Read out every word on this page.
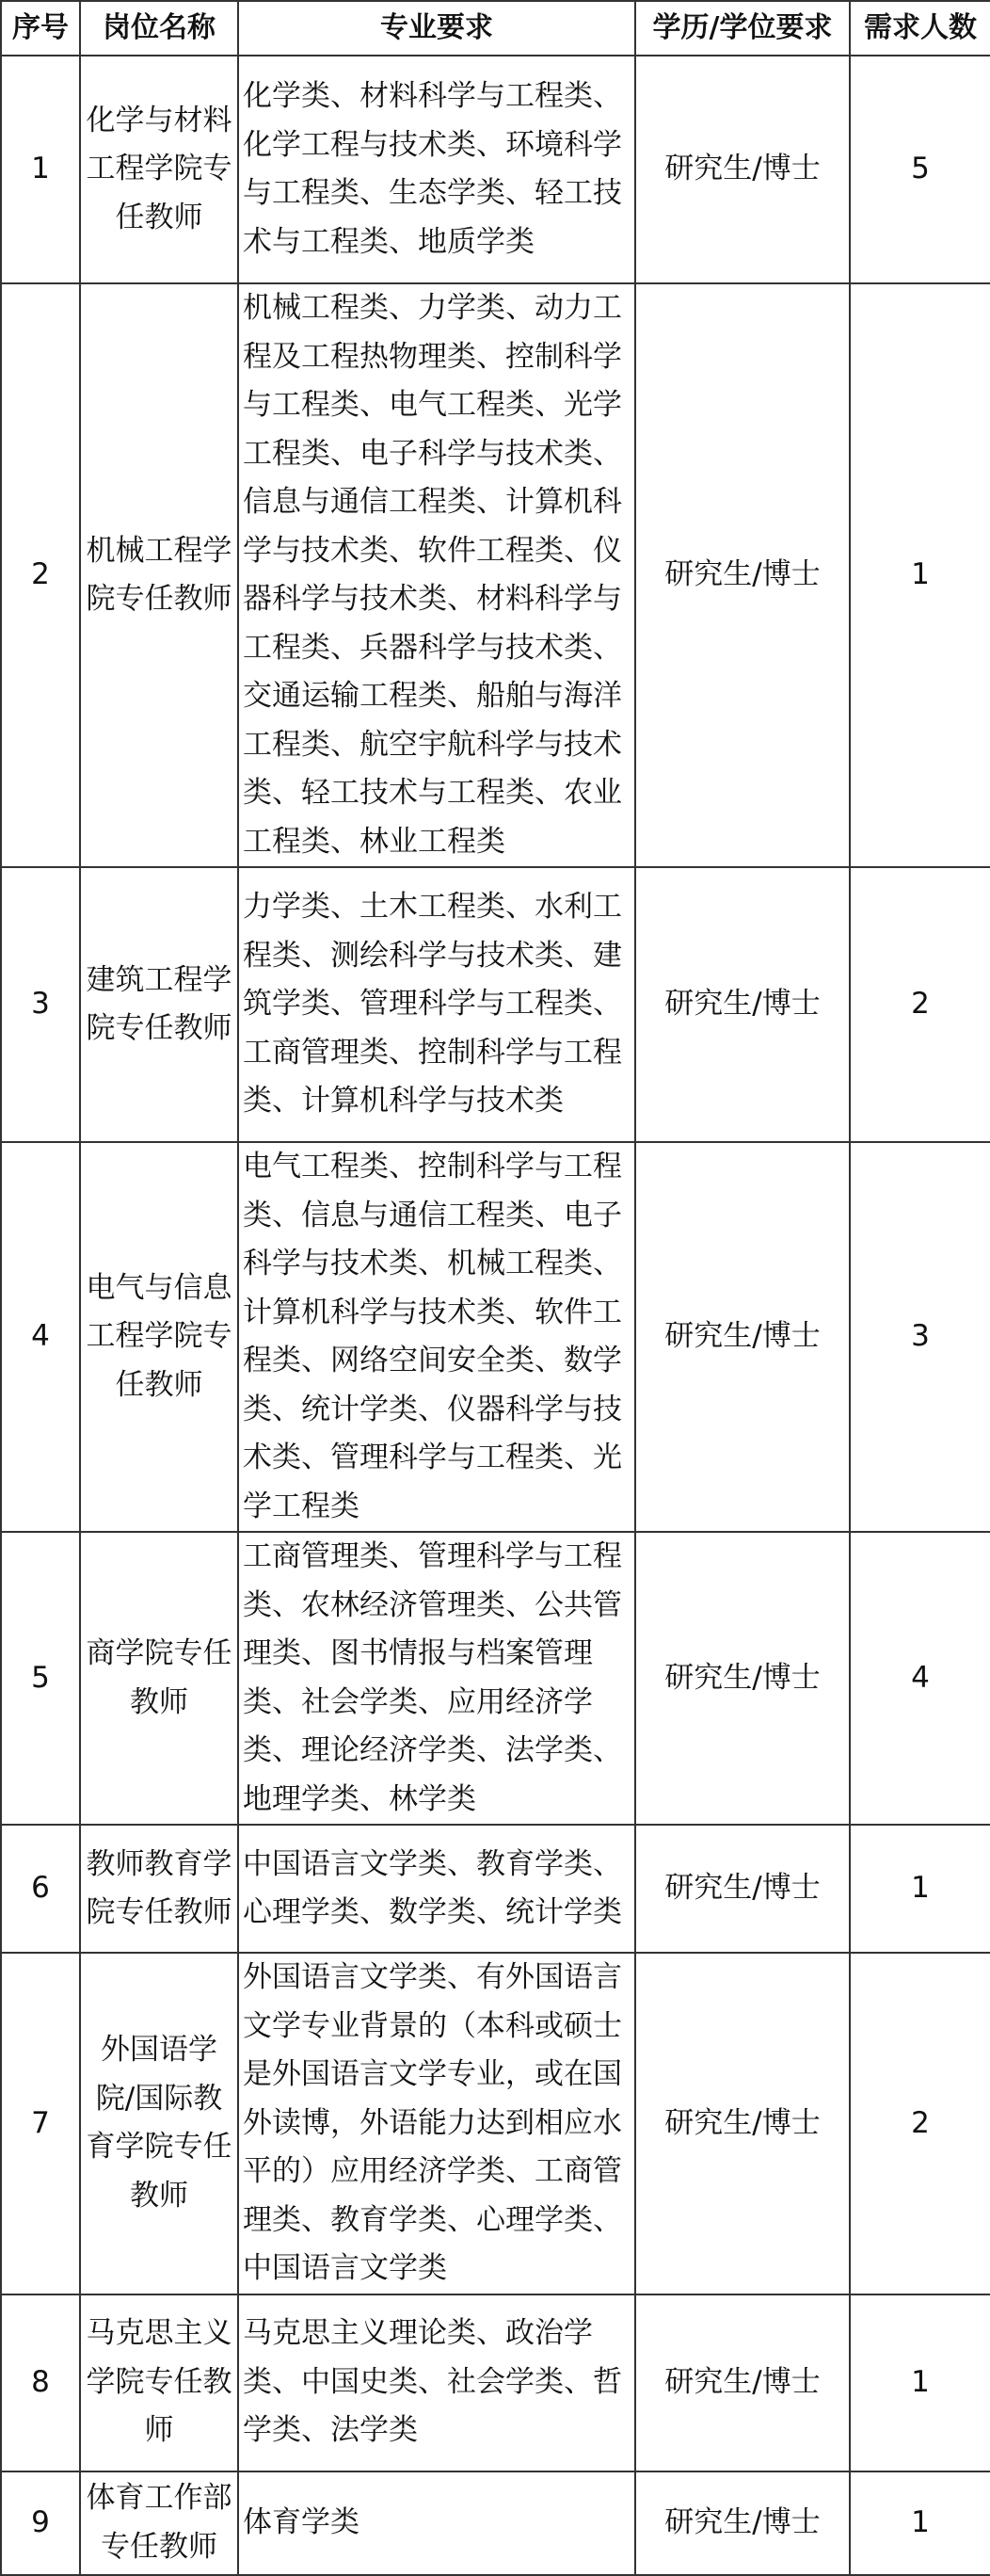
序号	岗位名称	专业要求	学历/学位要求	需求人数
1	化学与材料工程学院专任教师	化学类、材料科学与工程类、化学工程与技术类、环境科学与工程类、生态学类、轻工技术与工程类、地质学类	研究生/博士	5
2	机械工程学院专任教师	机械工程类、力学类、动力工程及工程热物理类、控制科学与工程类、电气工程类、光学工程类、电子科学与技术类、信息与通信工程类、计算机科学与技术类、软件工程类、仪器科学与技术类、材料科学与工程类、兵器科学与技术类、交通运输工程类、船舶与海洋工程类、航空宇航科学与技术类、轻工技术与工程类、农业工程类、林业工程类	研究生/博士	1
3	建筑工程学院专任教师	力学类、土木工程类、水利工程类、测绘科学与技术类、建筑学类、管理科学与工程类、工商管理类、控制科学与工程类、计算机科学与技术类	研究生/博士	2
4	电气与信息工程学院专任教师	电气工程类、控制科学与工程类、信息与通信工程类、电子科学与技术类、机械工程类、计算机科学与技术类、软件工程类、网络空间安全类、数学类、统计学类、仪器科学与技术类、管理科学与工程类、光学工程类	研究生/博士	3
5	商学院专任教师	工商管理类、管理科学与工程类、农林经济管理类、公共管理类、图书情报与档案管理类、社会学类、应用经济学类、理论经济学类、法学类、地理学类、林学类	研究生/博士	4
6	教师教育学院专任教师	中国语言文学类、教育学类、心理学类、数学类、统计学类	研究生/博士	1
7	外国语学院/国际教育学院专任教师	外国语言文学类、有外国语言文学专业背景的（本科或硕士是外国语言文学专业，或在国外读博，外语能力达到相应水平的）应用经济学类、工商管理类、教育学类、心理学类、中国语言文学类	研究生/博士	2
8	马克思主义学院专任教师	马克思主义理论类、政治学类、中国史类、社会学类、哲学类、法学类	研究生/博士	1
9	体育工作部专任教师	体育学类	研究生/博士	1
